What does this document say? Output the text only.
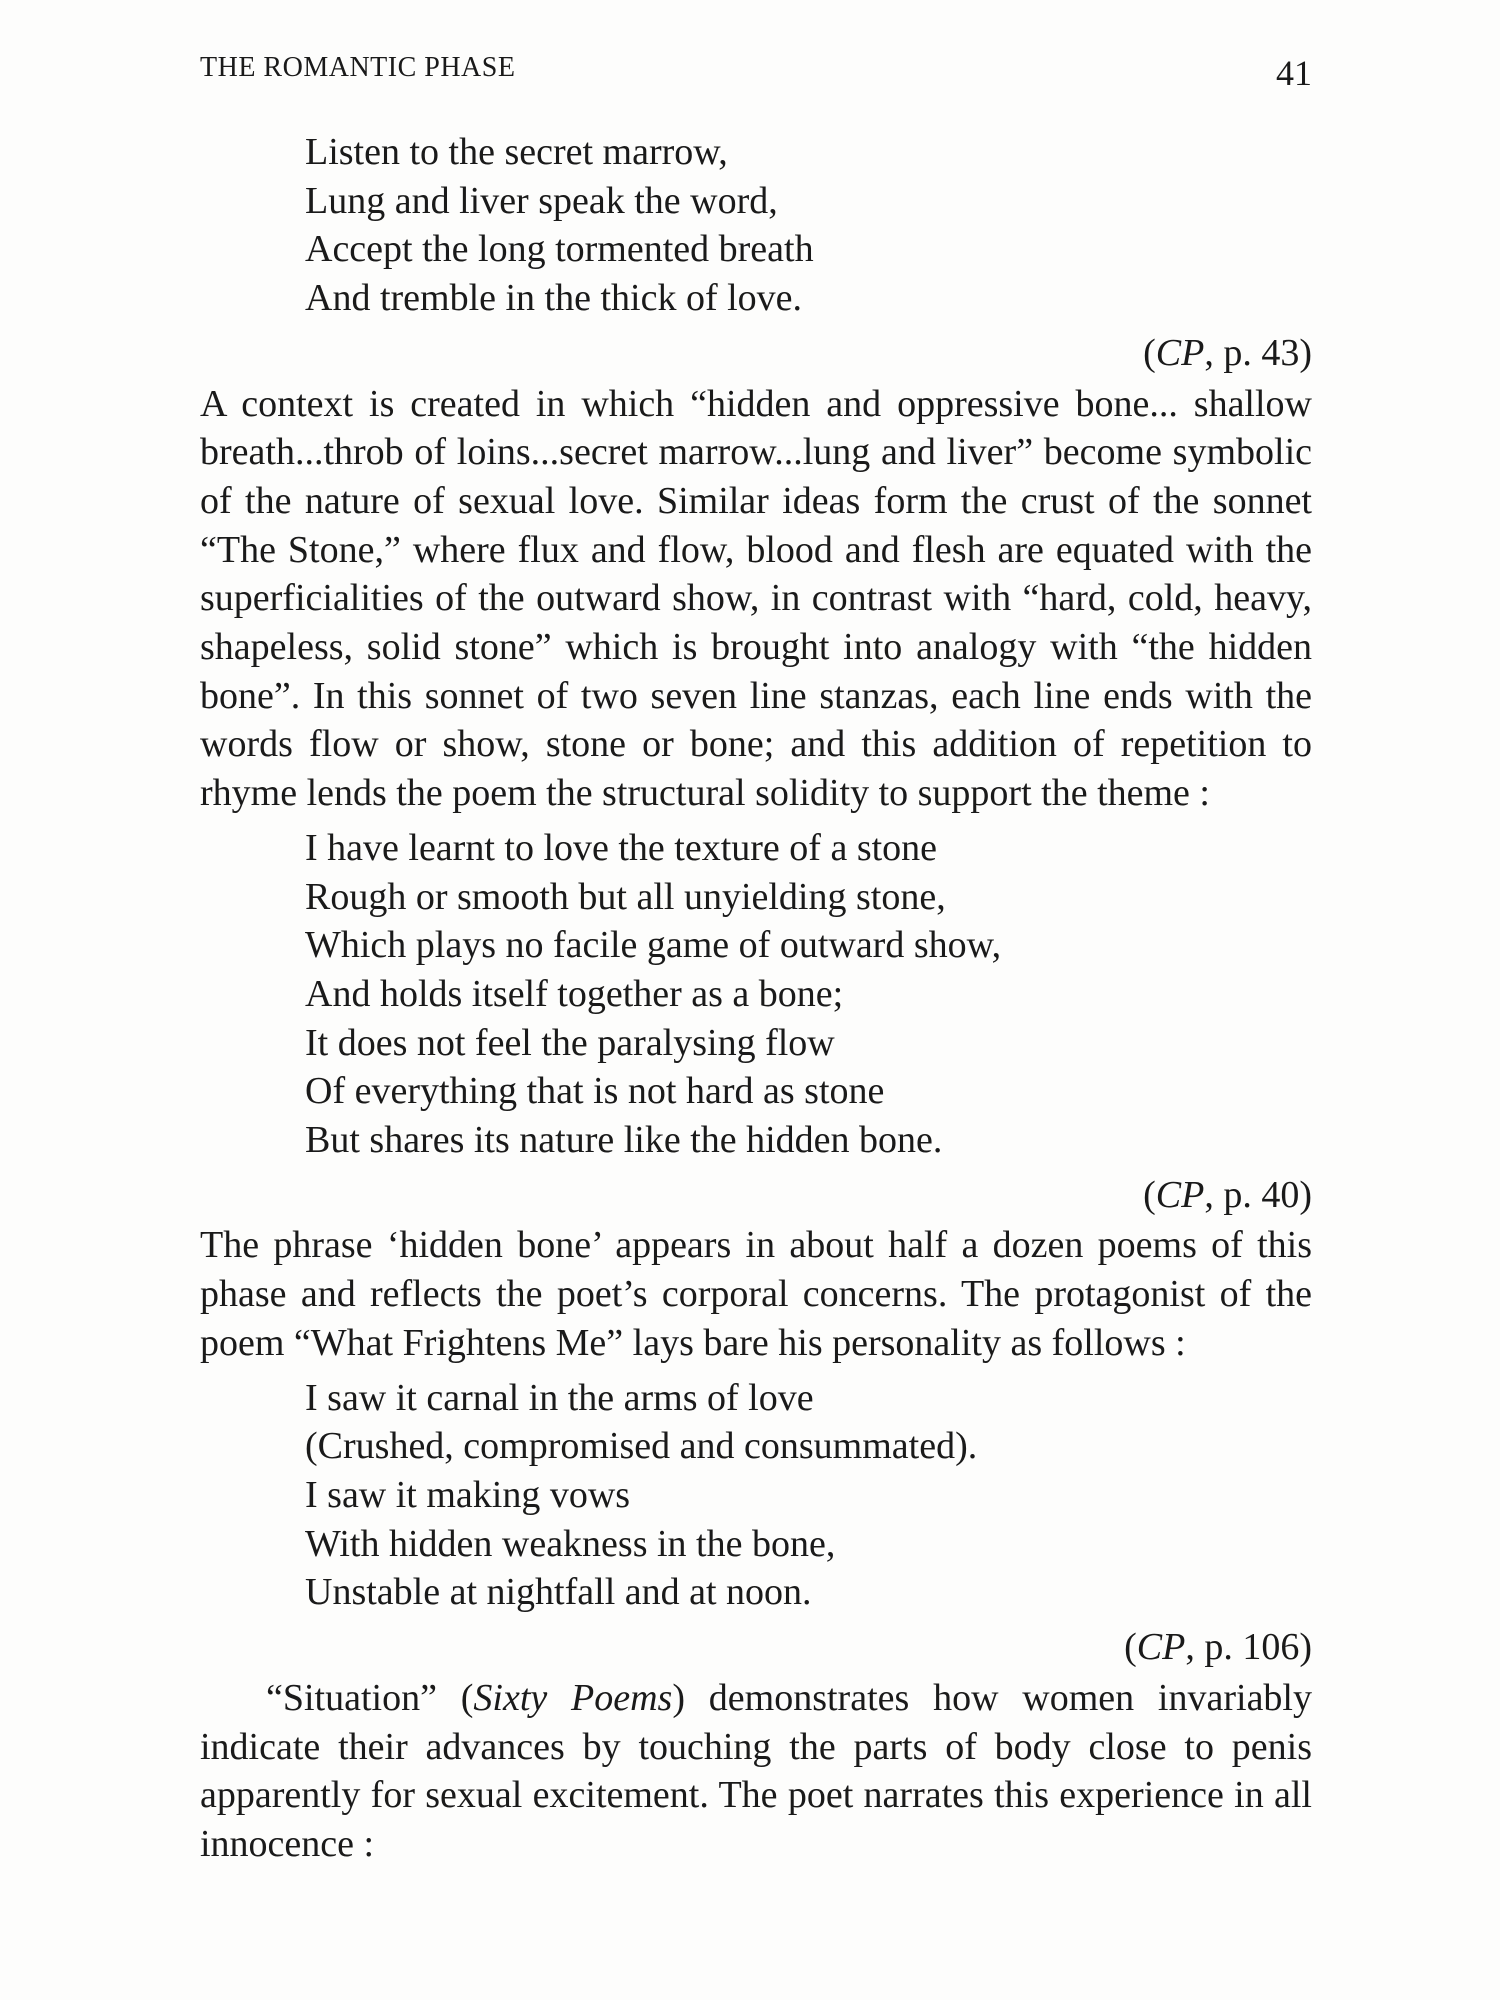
THE ROMANTIC PHASE	41
Listen to the secret marrow,
Lung and liver speak the word,
Accept the long tormented breath
And tremble in the thick of love.
(CP, p. 43)

A context is created in which “hidden and oppressive bone... shallow breath...throb of loins...secret marrow...lung and liver” become symbolic of the nature of sexual love. Similar ideas form the crust of the sonnet “The Stone,” where flux and flow, blood and flesh are equated with the superficialities of the outward show, in contrast with “hard, cold, heavy, shapeless, solid stone” which is brought into analogy with “the hidden bone”. In this sonnet of two seven line stanzas, each line ends with the words flow or show, stone or bone; and this addition of repetition to rhyme lends the poem the structural solidity to support the theme :

I have learnt to love the texture of a stone
Rough or smooth but all unyielding stone,
Which plays no facile game of outward show,
And holds itself together as a bone;
It does not feel the paralysing flow
Of everything that is not hard as stone
But shares its nature like the hidden bone.
(CP, p. 40)

The phrase ‘hidden bone’ appears in about half a dozen poems of this phase and reflects the poet’s corporal concerns. The protagonist of the poem “What Frightens Me” lays bare his personality as follows :

I saw it carnal in the arms of love
(Crushed, compromised and consummated).
I saw it making vows
With hidden weakness in the bone,
Unstable at nightfall and at noon.
(CP, p. 106)

“Situation” (Sixty Poems) demonstrates how women invariably indicate their advances by touching the parts of body close to penis apparently for sexual excitement. The poet narrates this experience in all innocence :
